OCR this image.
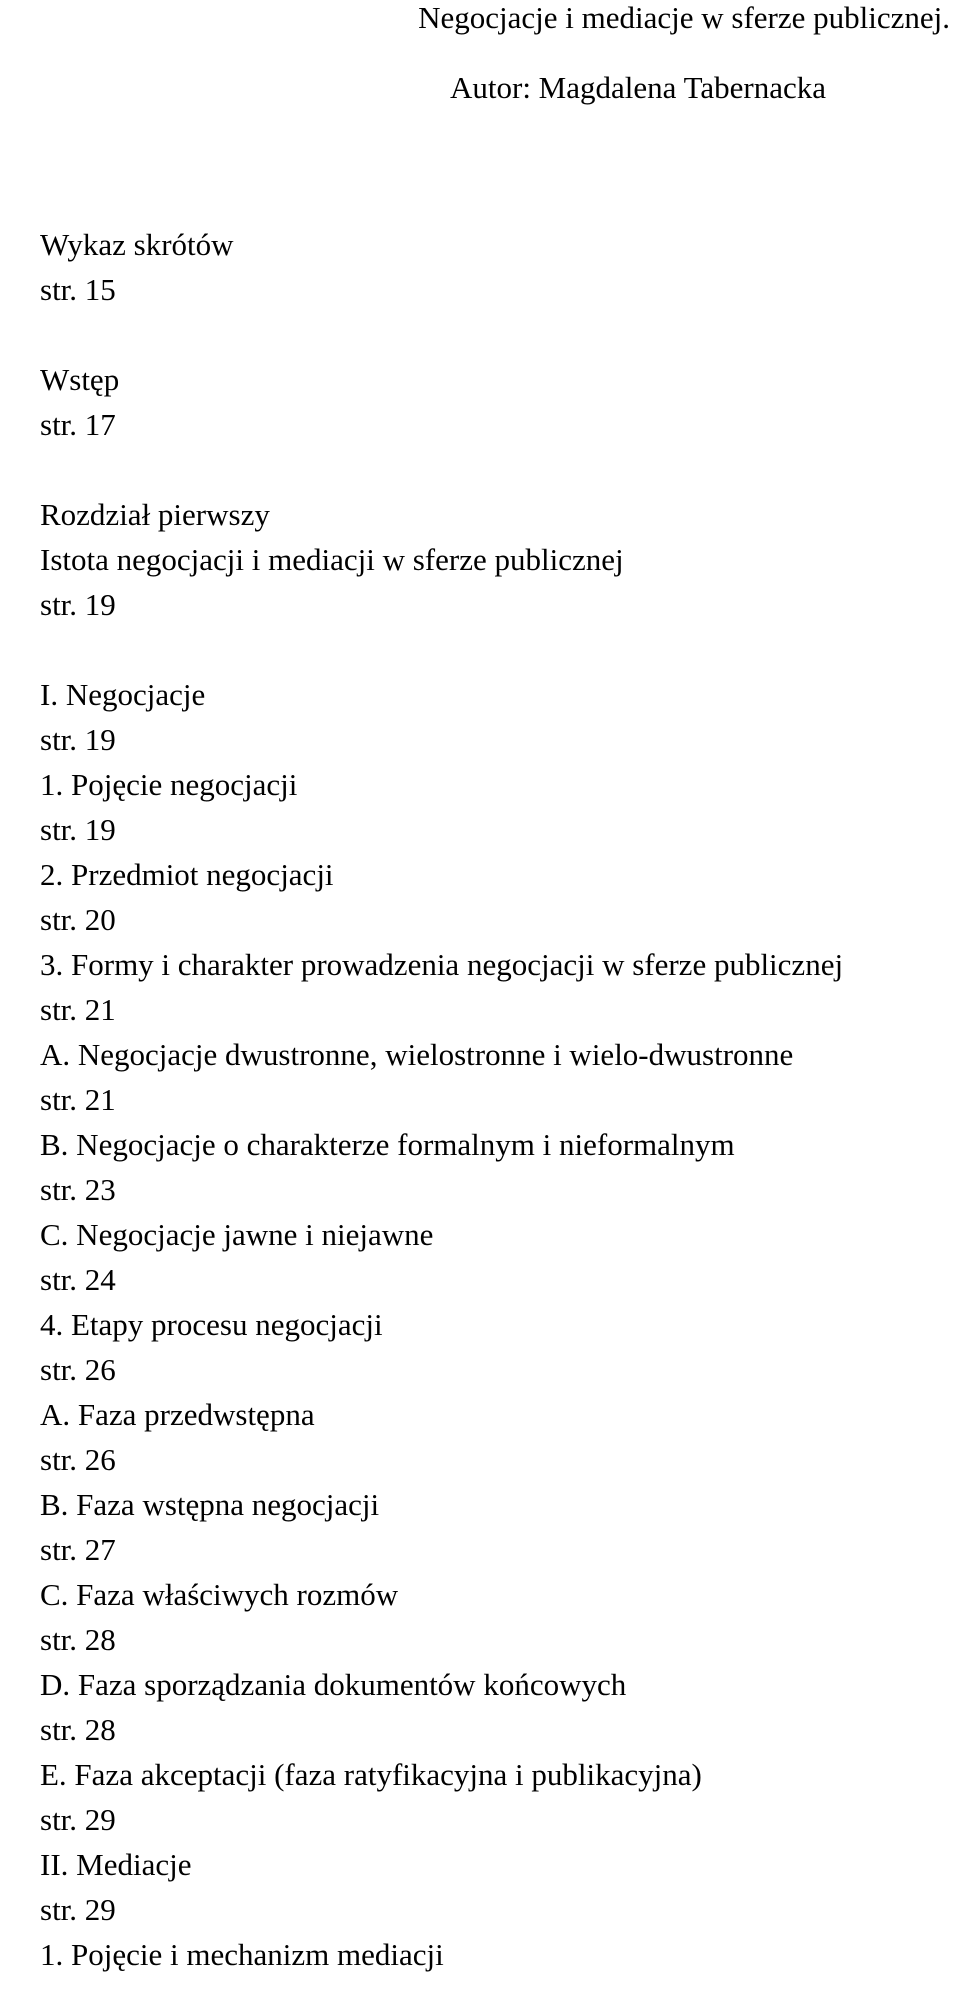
Negocjacje i mediacje w sferze publicznej.
Autor: Magdalena Tabernacka
Wykaz skrótów
str. 15
Wstęp
str. 17
Rozdział pierwszy
Istota negocjacji i mediacji w sferze publicznej
str. 19
I. Negocjacje
str. 19
1. Pojęcie negocjacji
str. 19
2. Przedmiot negocjacji
str. 20
3. Formy i charakter prowadzenia negocjacji w sferze publicznej
str. 21
A. Negocjacje dwustronne, wielostronne i wielo-dwustronne
str. 21
B. Negocjacje o charakterze formalnym i nieformalnym
str. 23
C. Negocjacje jawne i niejawne
str. 24
4. Etapy procesu negocjacji
str. 26
A. Faza przedwstępna
str. 26
B. Faza wstępna negocjacji
str. 27
C. Faza właściwych rozmów
str. 28
D. Faza sporządzania dokumentów końcowych
str. 28
E. Faza akceptacji (faza ratyfikacyjna i publikacyjna)
str. 29
II. Mediacje
str. 29
1. Pojęcie i mechanizm mediacji
